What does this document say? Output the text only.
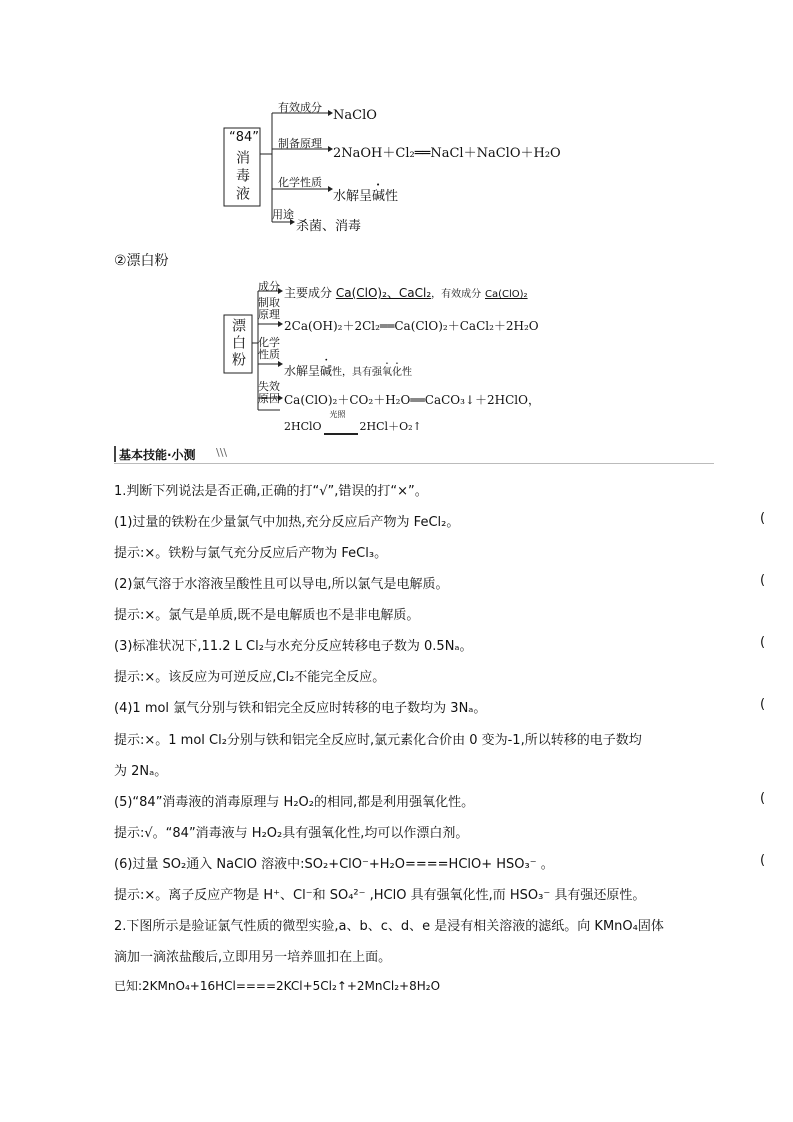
“84”
消毒液
有效成分
NaClO
制备原理
2NaOH＋Cl₂══NaCl＋NaClO＋H₂O
化学性质
水解呈碱性
用途
杀菌、消毒
②漂白粉
漂白粉
成分 主要成分 Ca(ClO)₂、CaCl₂，有效成分 Ca(ClO)₂
制取原理
2Ca(OH)₂＋2Cl₂══Ca(ClO)₂＋CaCl₂＋2H₂O
化学性质
水解呈碱性，具有强氧化性
失效原因 Ca(ClO)₂＋CO₂＋H₂O══CaCO₃↓＋2HClO，
2HClO
光照
2HCl＋O₂↑
基本技能·小测 \\\
1.判断下列说法是否正确,正确的打“√”,错误的打“×”。
(1)过量的铁粉在少量氯气中加热,充分反应后产物为 FeCl₂。	(
提示:×。铁粉与氯气充分反应后产物为 FeCl₃。
(2)氯气溶于水溶液呈酸性且可以导电,所以氯气是电解质。	(
提示:×。氯气是单质,既不是电解质也不是非电解质。
(3)标准状况下,11.2 L Cl₂与水充分反应转移电子数为 0.5Nₐ。	(
提示:×。该反应为可逆反应,Cl₂不能完全反应。
(4)1 mol 氯气分别与铁和铝完全反应时转移的电子数均为 3Nₐ。	(
提示:×。1 mol Cl₂分别与铁和铝完全反应时,氯元素化合价由 0 变为-1,所以转移的电子数均
为 2Nₐ。
(5)“84”消毒液的消毒原理与 H₂O₂的相同,都是利用强氧化性。	(
提示:√。“84”消毒液与 H₂O₂具有强氧化性,均可以作漂白剂。
(6)过量 SO₂通入 NaClO 溶液中:SO₂+ClO⁻+H₂O====HClO+ HSO₃⁻ 。	(
提示:×。离子反应产物是 H⁺、Cl⁻和 SO₄²⁻ ,HClO 具有强氧化性,而 HSO₃⁻ 具有强还原性。
2.下图所示是验证氯气性质的微型实验,a、b、c、d、e 是浸有相关溶液的滤纸。向 KMnO₄固体
滴加一滴浓盐酸后,立即用另一培养皿扣在上面。
已知:2KMnO₄+16HCl====2KCl+5Cl₂↑+2MnCl₂+8H₂O
